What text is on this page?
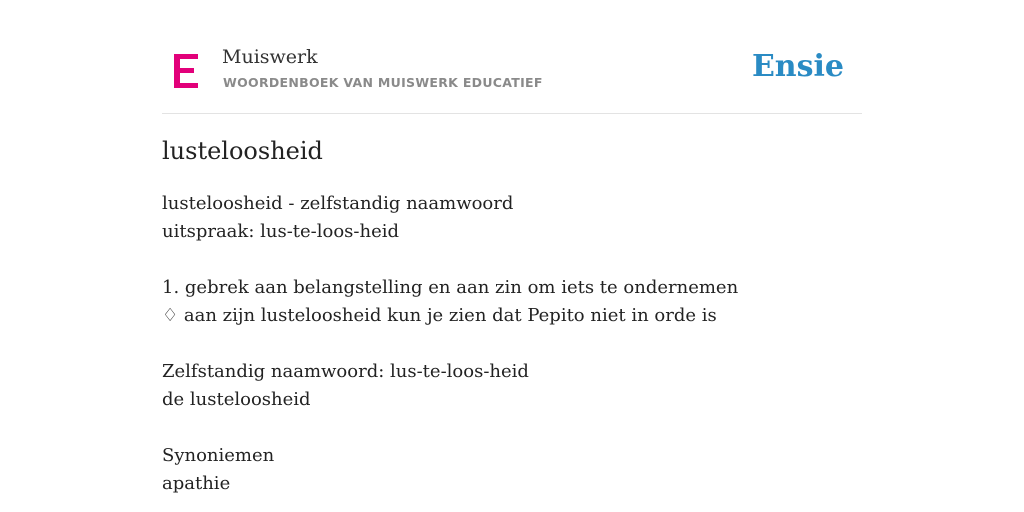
Muiswerk
WOORDENBOEK VAN MUISWERK EDUCATIEF	Ensie
lusteloosheid
lusteloosheid - zelfstandig naamwoord
uitspraak: lus-te-loos-heid
1. gebrek aan belangstelling en aan zin om iets te ondernemen
♢ aan zijn lusteloosheid kun je zien dat Pepito niet in orde is
Zelfstandig naamwoord: lus-te-loos-heid
de lusteloosheid
Synoniemen
apathie
